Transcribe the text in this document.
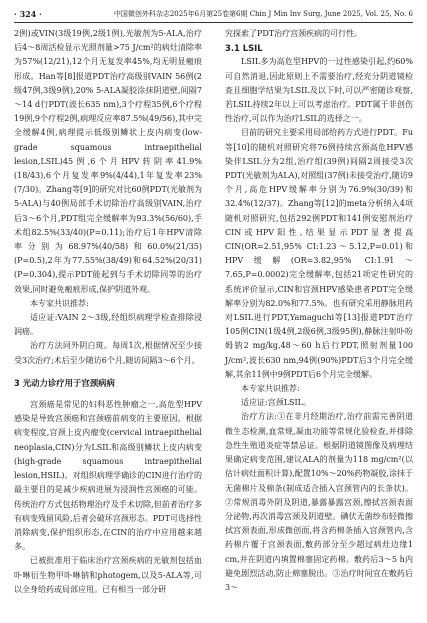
· 324 ·	中国微创外科杂志2025年6月第25卷第6期 Chin J Min Inv Surg, June 2025, Vol. 25, No. 6

2例)或VIN(3级19例,2级1例),光敏剂为5-ALA,治疗后4～8周活检显示光照剂量>75 J/cm²的病灶清除率为57%(12/21),12个月无复发率45%,均无明显瘢痕形成。Han等[8]报道PDT治疗高级别VAIN 56例(2级47例,3级9例),20% 5-ALA凝胶涂抹阴道壁,间隔7～14 d行PDT(波长635 nm),3个疗程35例,6个疗程19例,9个疗程2例,病理反应率87.5%(49/56),其中完全缓解4例,病理提示低级别鳞状上皮内病变(low-grade squamous intraepithelial lesion,LSIL)45例,6个月HPV转阴率41.9%(18/43),6个月复发率9%(4/44),1年复发率23%(7/30)。Zhang等[9]的研究对比60例PDT(光敏剂为5-ALA)与40例局部手术切除治疗高级别VAIN,治疗后3～6个月,PDT组完全缓解率为93.3%(56/60),手术组82.5%(33/40)(P=0.11);治疗后1年HPV清除率分别为68.97%(40/58)和60.0%(21/35)(P=0.5),2年为77.55%(38/49)和64.52%(20/31)(P=0.304),提示PDT能起到与手术切除同等的治疗效果,同时避免瘢痕形成,保护阴道外观。

本专家共识推荐:

适应证:VAIN 2～3级,经组织病理学检查排除浸润癌。

治疗方法同外阴白斑。每周1次,根据情况至少接受3次治疗;术后至少随访6个月,随访间隔3～6个月。

3 光动力诊疗用于宫颈病病

宫颈癌是常见的妇科恶性肿瘤之一,高危型HPV感染是导致宫颈癌和宫颈癌前病变的主要原因。根据病变程度,宫颈上皮内瘤变(cervical intraepithelial neoplasia,CIN)分为LSIL和高级别鳞状上皮内病变(high-grade squamous intraepithelial lesion,HSIL)。对组织病理学确诊的CIN进行治疗的最主要目的是减少疾病进展为浸润性宫颈癌的可能。传统治疗方式包括物理治疗及手术切除,但前者治疗多有病变残留风险,后者会破坏宫颈形态。PDT可选择性消除病变,保护组织形态,在CIN的治疗中应用越来越多。

已被批准用于临床治疗宫颈疾病的光敏剂包括血卟啉衍生物甲卟啉钠和photogem,以及5-ALA等,可以全身给药或局部应用。已有相当一部分研

究探索了PDT治疗宫颈疾病的可行性。

3.1 LSIL

LSIL多为高危型HPV的一过性感染引起,约60%可自然消退,因此原则上不需要治疗,经充分阴道镜检查且细胞学结果为LSIL及以下时,可以严密随诊观察,若LSIL持续2年以上可以考虑治疗。PDT属于非创伤性治疗,可以作为治疗LSIL的选择之一。

目前的研究主要采用局部给药方式进行PDT。Fu等[10]的随机对照研究将76例持续宫颈高危HPV感染伴LSIL分为2组,治疗组(39例)间隔2周接受3次PDT(光敏剂为ALA),对照组(37例)未接受治疗,随访9个月,高危HPV缓解率分别为76.9%(30/39)和32.4%(12/37)。Zhang等[12]的meta分析纳入4项随机对照研究,包括292例PDT和141例安慰剂治疗CIN或HPV阳性,结果显示PDT显著提高CIN(OR=2.51,95% CI:1.23～5.12,P=0.01)和HPV缓解(OR=3.82,95% CI:1.91～7.65,P=0.0002)完全缓解率,包括21项定性研究的系统评价显示,CIN和宫颈HPV感染患者PDT完全缓解率分别为82.0%和77.5%。也有研究采用静脉用药对LSIL进行PDT,Yamaguchi等[13]报道PDT治疗105例CIN(1级4例,2级6例,3级95例),静脉注射卟吩姆钠2 mg/kg,48～60 h后行PDT,照射剂量100 J/cm²,波长630 nm,94例(90%)PDT后3个月完全缓解,其余11例中9例PDT后6个月完全缓解。

本专家共识推荐:

适应证:宫颈LSIL。

治疗方法:①在非月经期治疗,治疗前需完善阴道微生态检测,血常规,凝血功能等常规化验检查,并排除急性生殖道炎症等禁忌证。根据阴道镜图像及病理结果确定病变范围,建议ALA的剂量为118 mg/cm²(以估计病灶面积计算),配置10%～20%药物凝胶,涂抹于无菌棉片及棉条(制成适合插入宫颈管内的长条状)。②常规消毒外阴及阴道,暴露暴露宫颈,擦拭宫颈表面分泌物,再次消毒宫颈及阴道壁。碘伏无菌纱布轻微擦拭宫颈表面,形成微创面,将含药棉条插入宫颈管内,含药棉片覆于宫颈表面,敷药部分至少超过病灶边缘1 cm,并在阴道内填置棉塞固定药棉。敷药后3～5 h内避免剧烈活动,防止棉塞脱出。③治疗时间宜在敷药后3～
